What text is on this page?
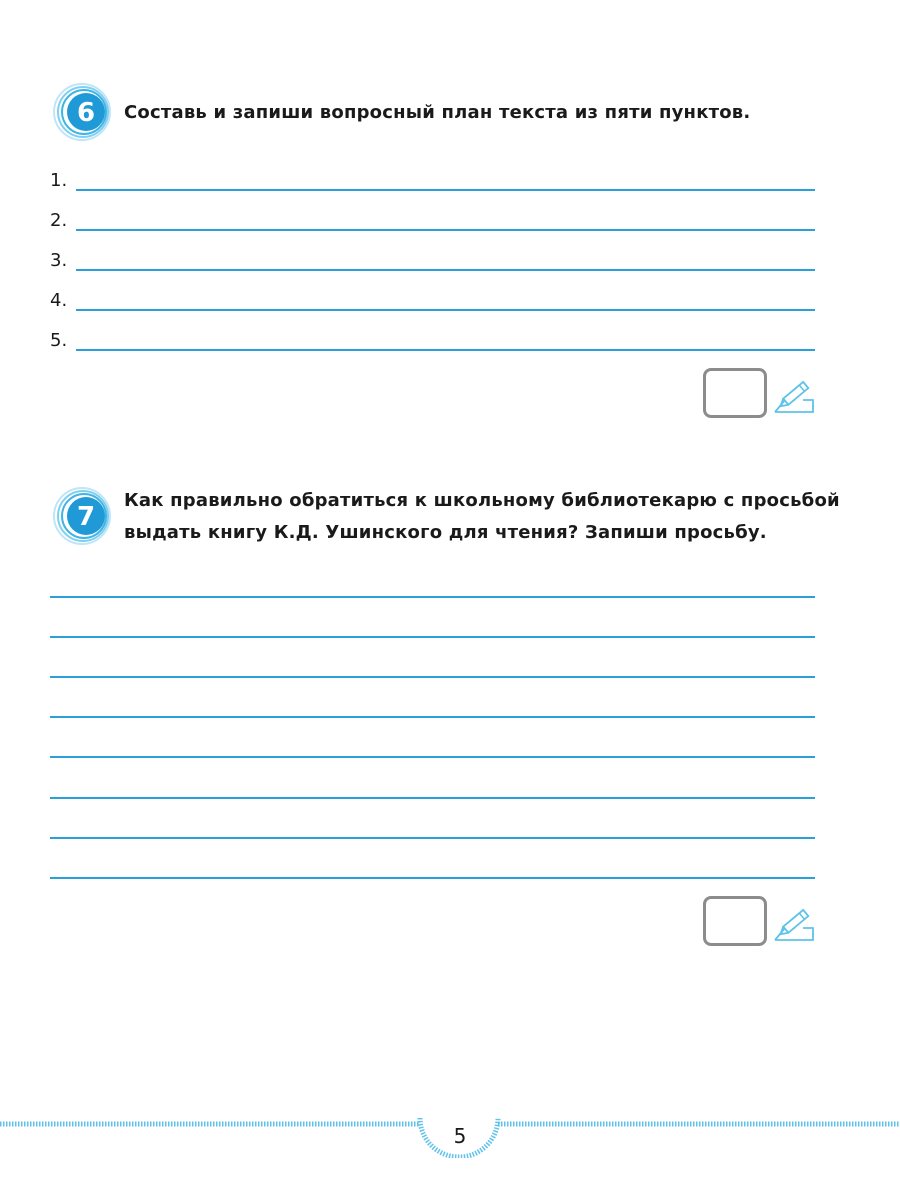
6 Составь и запиши вопросный план текста из пяти пунктов.

1.
2.
3.
4.
5.
7

Как правильно обратиться к школьному библиотекарю с просьбой

выдать книгу К.Д. Ушинского для чтения? Запиши просьбу.

5
